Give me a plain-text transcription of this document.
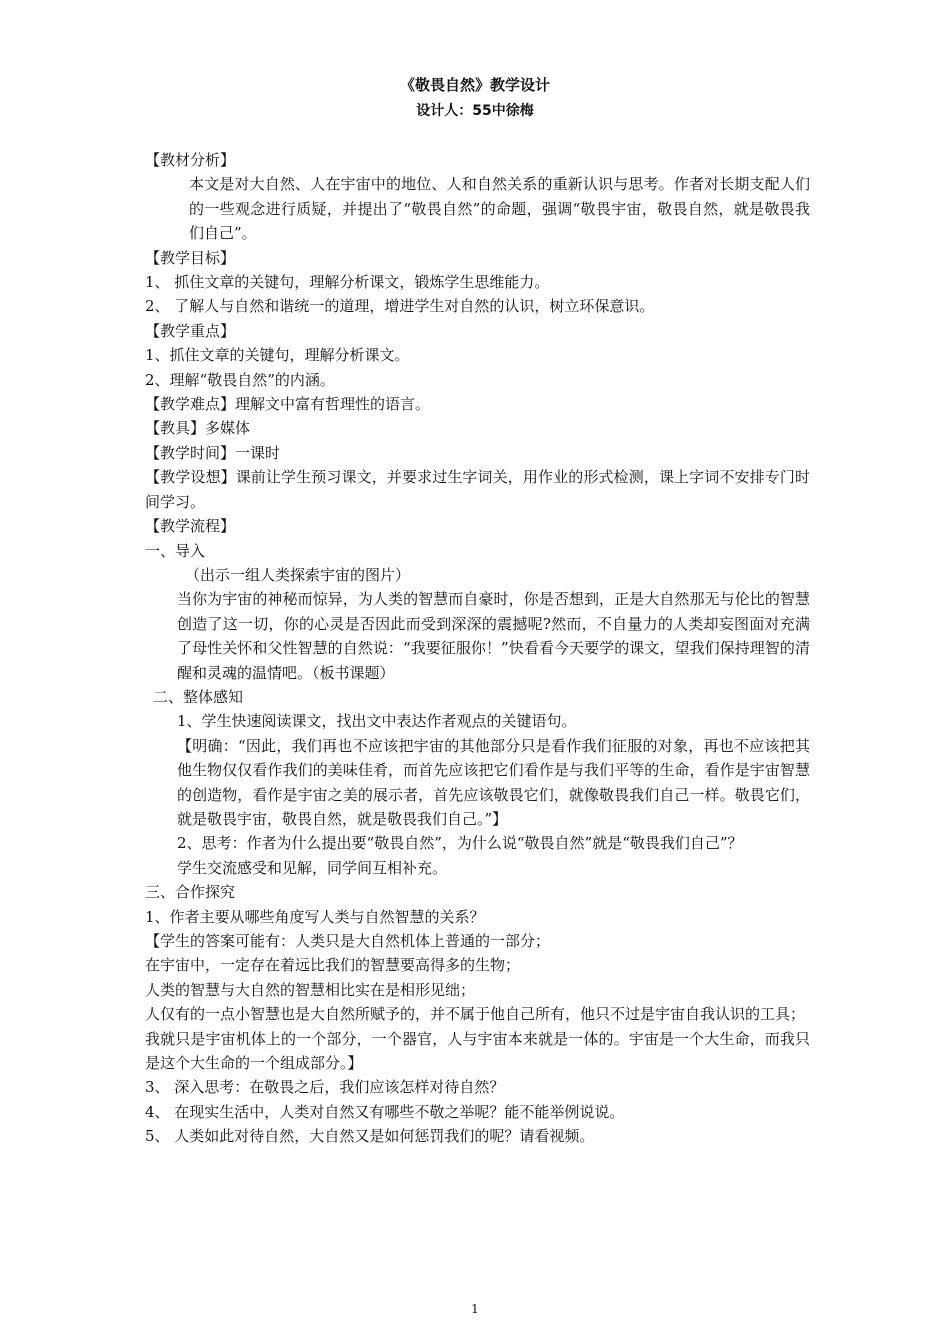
《敬畏自然》教学设计
设计人：55中徐梅
【教材分析】
本文是对大自然、人在宇宙中的地位、人和自然关系的重新认识与思考。作者对长期支配人们的一些观念进行质疑，并提出了“敬畏自然”的命题，强调“敬畏宇宙，敬畏自然，就是敬畏我们自己”。
【教学目标】
1、 抓住文章的关键句，理解分析课文，锻炼学生思维能力。
2、 了解人与自然和谐统一的道理，增进学生对自然的认识，树立环保意识。
【教学重点】
1、抓住文章的关键句，理解分析课文。
2、理解“敬畏自然”的内涵。
【教学难点】理解文中富有哲理性的语言。
【教具】多媒体
【教学时间】一课时
【教学设想】课前让学生预习课文，并要求过生字词关，用作业的形式检测，课上字词不安排专门时间学习。
【教学流程】
一、导入
（出示一组人类探索宇宙的图片）
当你为宇宙的神秘而惊异，为人类的智慧而自豪时，你是否想到，正是大自然那无与伦比的智慧创造了这一切，你的心灵是否因此而受到深深的震撼呢?然而，不自量力的人类却妄图面对充满了母性关怀和父性智慧的自然说：“我要征服你！”快看看今天要学的课文，望我们保持理智的清醒和灵魂的温情吧。（板书课题）
二、整体感知
1、学生快速阅读课文，找出文中表达作者观点的关键语句。
【明确：“因此，我们再也不应该把宇宙的其他部分只是看作我们征服的对象，再也不应该把其他生物仅仅看作我们的美味佳肴，而首先应该把它们看作是与我们平等的生命，看作是宇宙智慧的创造物，看作是宇宙之美的展示者，首先应该敬畏它们，就像敬畏我们自己一样。敬畏它们，就是敬畏宇宙，敬畏自然，就是敬畏我们自己。”】
2、思考：作者为什么提出要“敬畏自然”，为什么说“敬畏自然”就是“敬畏我们自己”？
学生交流感受和见解，同学间互相补充。
三、合作探究
1、作者主要从哪些角度写人类与自然智慧的关系？
【学生的答案可能有：人类只是大自然机体上普通的一部分；
在宇宙中，一定存在着远比我们的智慧要高得多的生物；
人类的智慧与大自然的智慧相比实在是相形见绌；
人仅有的一点小智慧也是大自然所赋予的，并不属于他自己所有，他只不过是宇宙自我认识的工具；
我就只是宇宙机体上的一个部分，一个器官，人与宇宙本来就是一体的。宇宙是一个大生命，而我只是这个大生命的一个组成部分。】
3、 深入思考：在敬畏之后，我们应该怎样对待自然？
4、 在现实生活中，人类对自然又有哪些不敬之举呢？能不能举例说说。
5、 人类如此对待自然，大自然又是如何惩罚我们的呢？请看视频。
1
